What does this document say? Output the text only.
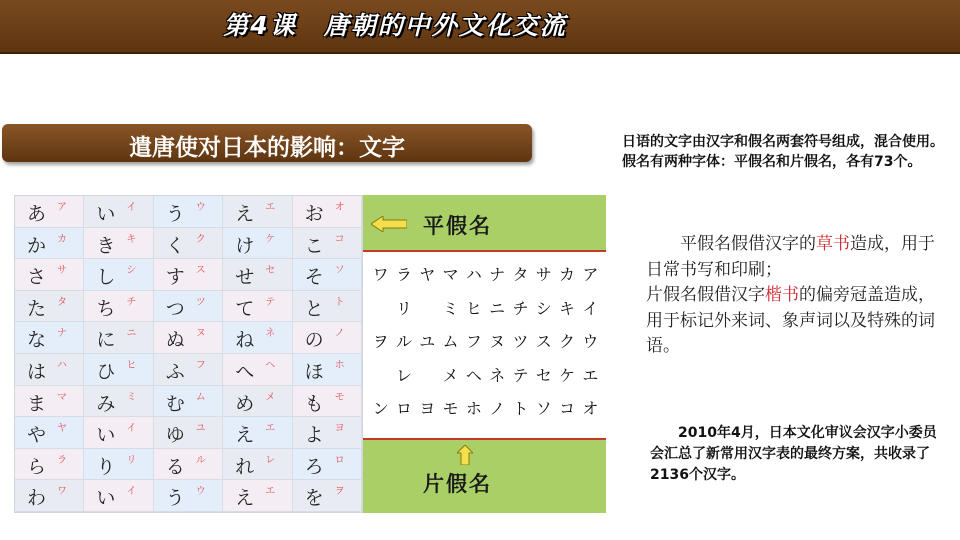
第4课　唐朝的中外文化交流
遣唐使对日本的影响：文字
あ ア い イ う ウ え エ お オ
か カ き キ く ク け ケ こ コ
さ サ し シ す ス せ セ そ ソ
た タ ち チ つ ツ て テ と ト
な ナ に ニ ぬ ヌ ね ネ の ノ
は ハ ひ ヒ ふ フ へ ヘ ほ ホ
ま マ み ミ む ム め メ も モ
や ヤ い イ ゆ ユ え エ よ ヨ
ら ラ り リ る ル れ レ ろ ロ
わ ワ い イ う ウ え エ を ヲ
平假名
ワ ラ ヤ マ ハ ナ タ サ カ ア
リ ミ ヒ ニ チ シ キ イ
ヲ ル ユ ム フ ヌ ツ ス ク ウ
レ メ ヘ ネ テ セ ケ エ
ン ロ ヨ モ ホ ノ ト ソ コ オ
片假名
日语的文字由汉字和假名两套符号组成，混合使用。假名有两种字体：平假名和片假名，各有73个。
　　平假名假借汉字的草书造成，用于日常书写和印刷；
片假名假借汉字楷书的偏旁冠盖造成，用于标记外来词、象声词以及特殊的词语。
　　2010年4月，日本文化审议会汉字小委员会汇总了新常用汉字表的最终方案，共收录了2136个汉字。
